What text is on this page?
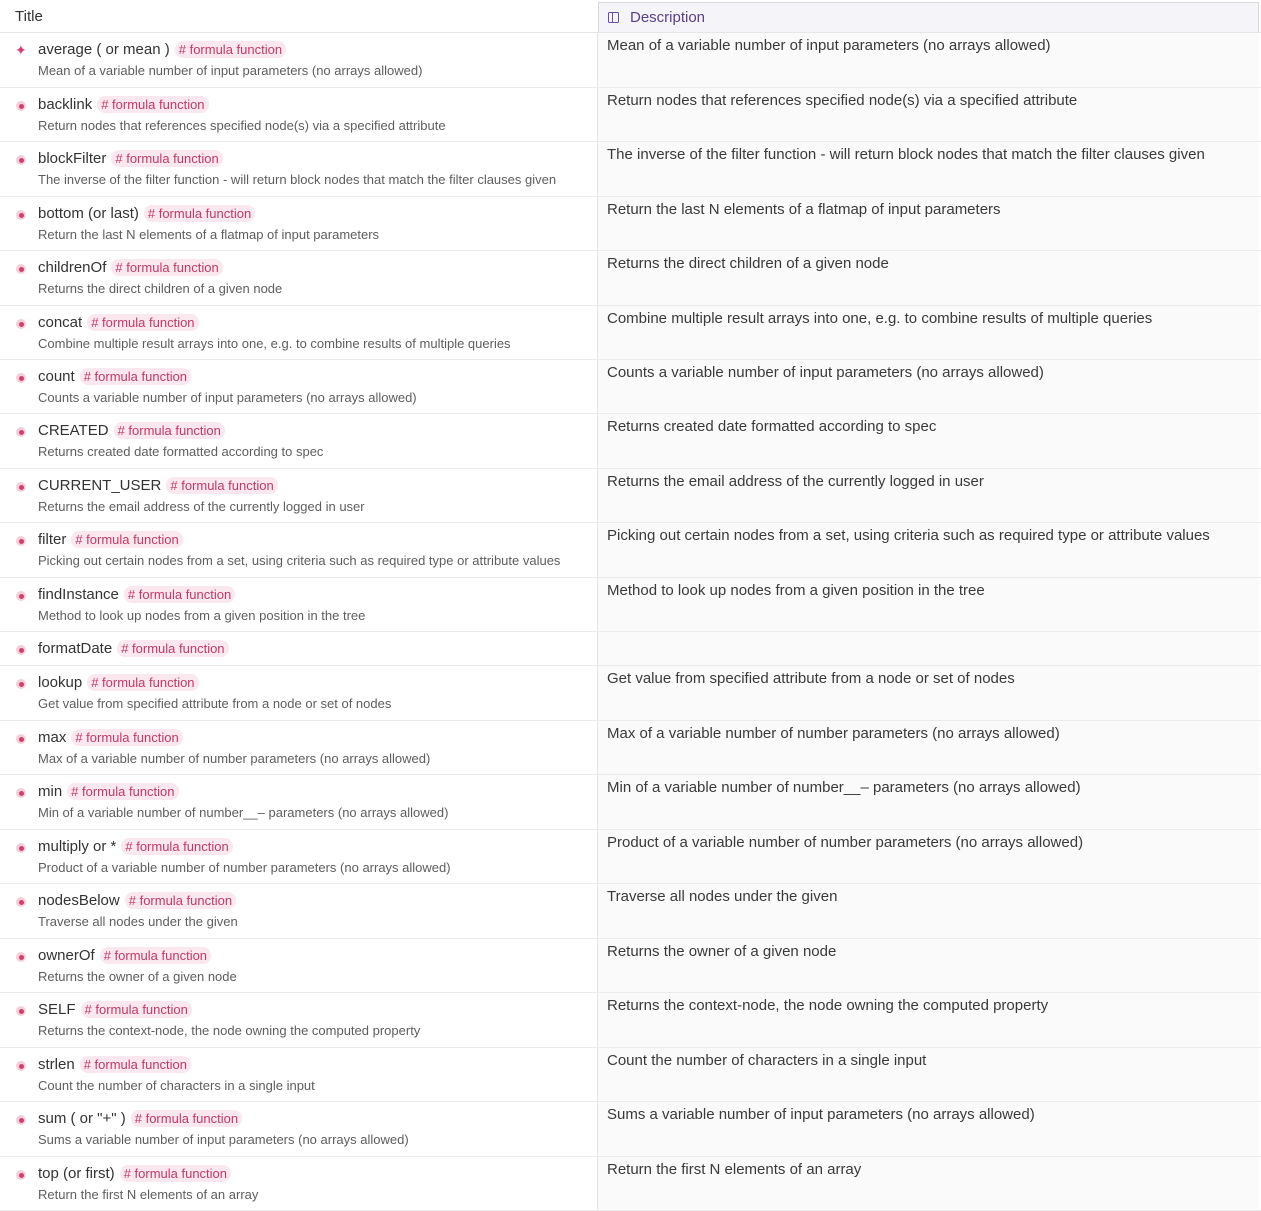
Title	Description
✦ average ( or mean ) # formula function
Mean of a variable number of input parameters (no arrays allowed)
Mean of a variable number of input parameters (no arrays allowed)
backlink # formula function
Return nodes that references specified node(s) via a specified attribute
Return nodes that references specified node(s) via a specified attribute
blockFilter # formula function
The inverse of the filter function - will return block nodes that match the filter clauses given
The inverse of the filter function - will return block nodes that match the filter clauses given
bottom (or last) # formula function
Return the last N elements of a flatmap of input parameters
Return the last N elements of a flatmap of input parameters
childrenOf # formula function
Returns the direct children of a given node
Returns the direct children of a given node
concat # formula function
Combine multiple result arrays into one, e.g. to combine results of multiple queries
Combine multiple result arrays into one, e.g. to combine results of multiple queries
count # formula function
Counts a variable number of input parameters (no arrays allowed)
Counts a variable number of input parameters (no arrays allowed)
CREATED # formula function
Returns created date formatted according to spec
Returns created date formatted according to spec
CURRENT_USER # formula function
Returns the email address of the currently logged in user
Returns the email address of the currently logged in user
filter # formula function
Picking out certain nodes from a set, using criteria such as required type or attribute values
Picking out certain nodes from a set, using criteria such as required type or attribute values
findInstance # formula function
Method to look up nodes from a given position in the tree
Method to look up nodes from a given position in the tree
formatDate # formula function
lookup # formula function
Get value from specified attribute from a node or set of nodes
Get value from specified attribute from a node or set of nodes
max # formula function
Max of a variable number of number parameters (no arrays allowed)
Max of a variable number of number parameters (no arrays allowed)
min # formula function
Min of a variable number of number__– parameters (no arrays allowed)
Min of a variable number of number__– parameters (no arrays allowed)
multiply or * # formula function
Product of a variable number of number parameters (no arrays allowed)
Product of a variable number of number parameters (no arrays allowed)
nodesBelow # formula function
Traverse all nodes under the given
Traverse all nodes under the given
ownerOf # formula function
Returns the owner of a given node
Returns the owner of a given node
SELF # formula function
Returns the context-node, the node owning the computed property
Returns the context-node, the node owning the computed property
strlen # formula function
Count the number of characters in a single input
Count the number of characters in a single input
sum ( or "+" ) # formula function
Sums a variable number of input parameters (no arrays allowed)
Sums a variable number of input parameters (no arrays allowed)
top (or first) # formula function
Return the first N elements of an array
Return the first N elements of an array
